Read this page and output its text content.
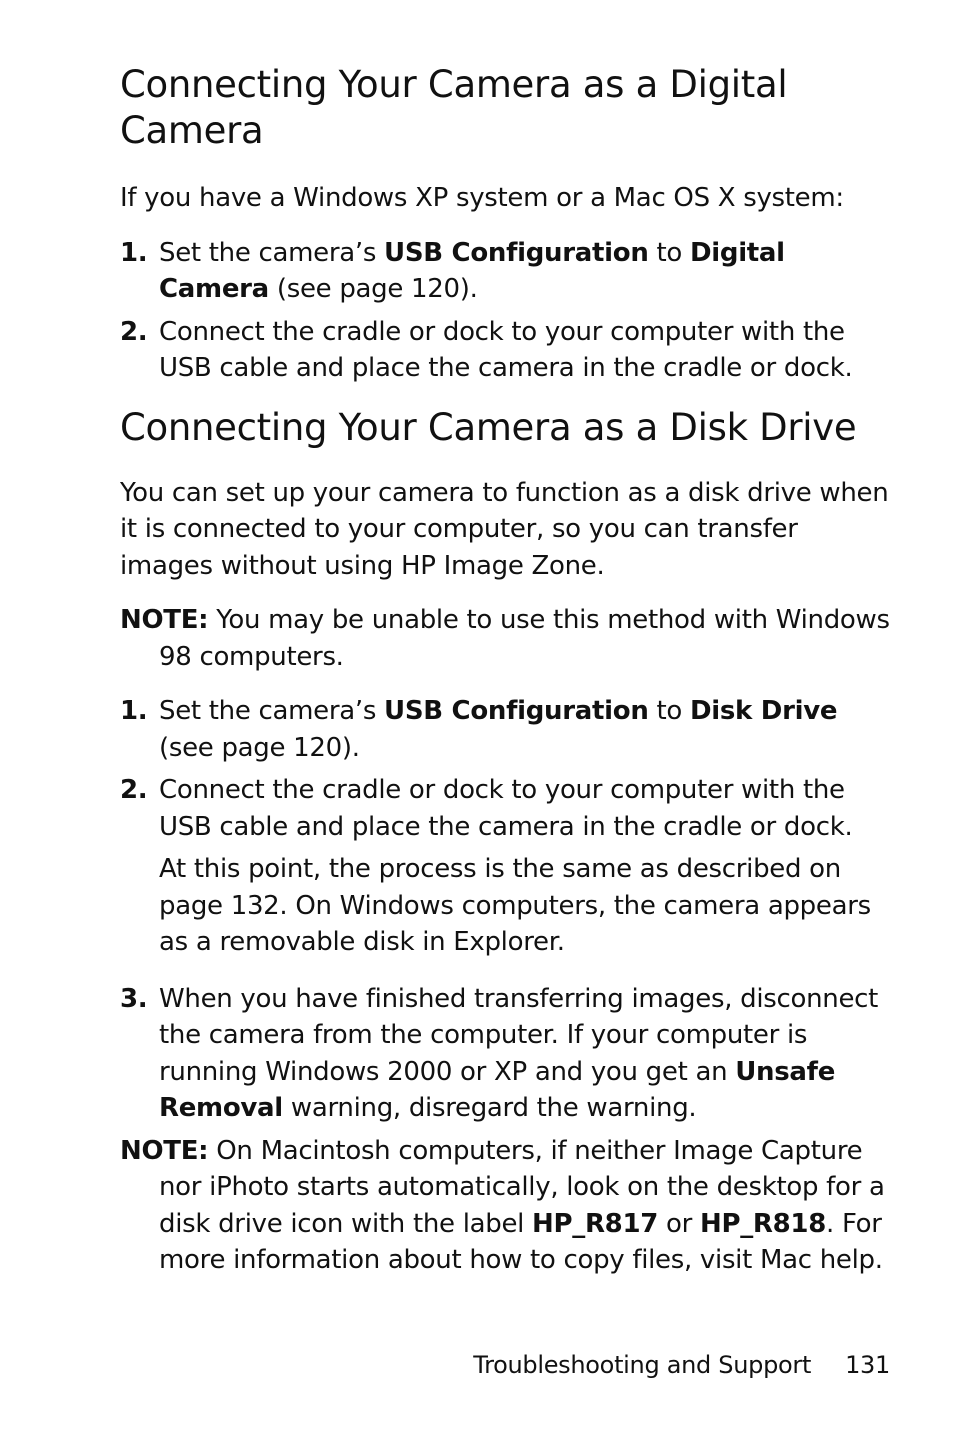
Connecting Your Camera as a Digital Camera

If you have a Windows XP system or a Mac OS X system:

1. Set the camera’s USB Configuration to Digital Camera (see page 120).
2. Connect the cradle or dock to your computer with the USB cable and place the camera in the cradle or dock.
Connecting Your Camera as a Disk Drive

You can set up your camera to function as a disk drive when it is connected to your computer, so you can transfer images without using HP Image Zone.

NOTE: You may be unable to use this method with Windows 98 computers.

1. Set the camera’s USB Configuration to Disk Drive (see page 120).
2. Connect the cradle or dock to your computer with the USB cable and place the camera in the cradle or dock.

At this point, the process is the same as described on page 132. On Windows computers, the camera appears as a removable disk in Explorer.

3. When you have finished transferring images, disconnect the camera from the computer. If your computer is running Windows 2000 or XP and you get an Unsafe Removal warning, disregard the warning.

NOTE: On Macintosh computers, if neither Image Capture nor iPhoto starts automatically, look on the desktop for a disk drive icon with the label HP_R817 or HP_R818. For more information about how to copy files, visit Mac help.

Troubleshooting and Support 131
